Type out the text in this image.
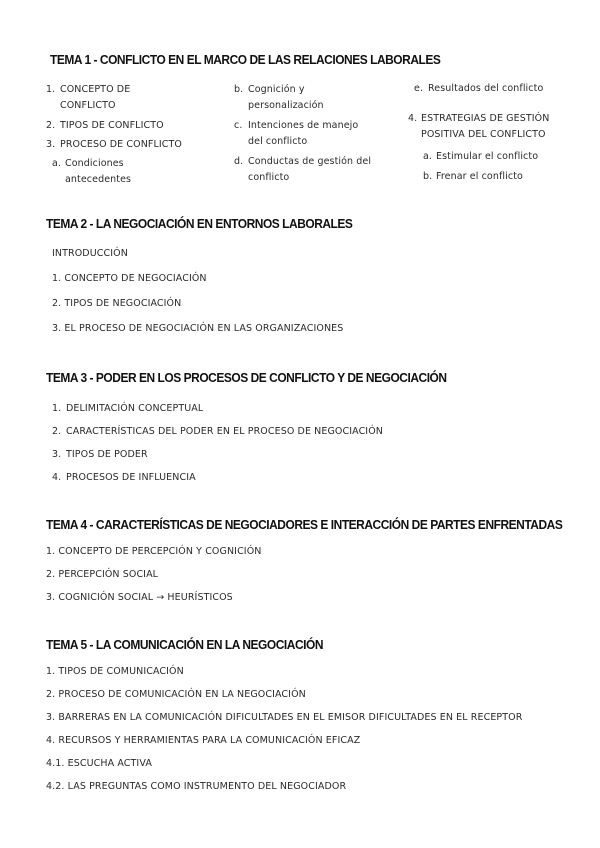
TEMA 1 - CONFLICTO EN EL MARCO DE LAS RELACIONES LABORALES
1. CONCEPTO DE
CONFLICTO
2. TIPOS DE CONFLICTO
3. PROCESO DE CONFLICTO
a. Condiciones
antecedentes
b. Cognición y
personalización
c. Intenciones de manejo
del conflicto
d. Conductas de gestión del
conflicto
e. Resultados del conflicto
4. ESTRATEGIAS DE GESTIÓN
POSITIVA DEL CONFLICTO
a. Estimular el conflicto
b. Frenar el conflicto
TEMA 2 - LA NEGOCIACIÓN EN ENTORNOS LABORALES
INTRODUCCIÓN
1. CONCEPTO DE NEGOCIACIÓN
2. TIPOS DE NEGOCIACIÓN
3. EL PROCESO DE NEGOCIACIÓN EN LAS ORGANIZACIONES
TEMA 3 - PODER EN LOS PROCESOS DE CONFLICTO Y DE NEGOCIACIÓN
1. DELIMITACIÓN CONCEPTUAL
2. CARACTERÍSTICAS DEL PODER EN EL PROCESO DE NEGOCIACIÓN
3. TIPOS DE PODER
4. PROCESOS DE INFLUENCIA
TEMA 4 - CARACTERÍSTICAS DE NEGOCIADORES E INTERACCIÓN DE PARTES ENFRENTADAS
1. CONCEPTO DE PERCEPCIÓN Y COGNICIÓN
2. PERCEPCIÓN SOCIAL
3. COGNICIÓN SOCIAL → HEURÍSTICOS
TEMA 5 - LA COMUNICACIÓN EN LA NEGOCIACIÓN
1. TIPOS DE COMUNICACIÓN
2. PROCESO DE COMUNICACIÓN EN LA NEGOCIACIÓN
3. BARRERAS EN LA COMUNICACIÓN DIFICULTADES EN EL EMISOR DIFICULTADES EN EL RECEPTOR
4. RECURSOS Y HERRAMIENTAS PARA LA COMUNICACIÓN EFICAZ
4.1. ESCUCHA ACTIVA
4.2. LAS PREGUNTAS COMO INSTRUMENTO DEL NEGOCIADOR
